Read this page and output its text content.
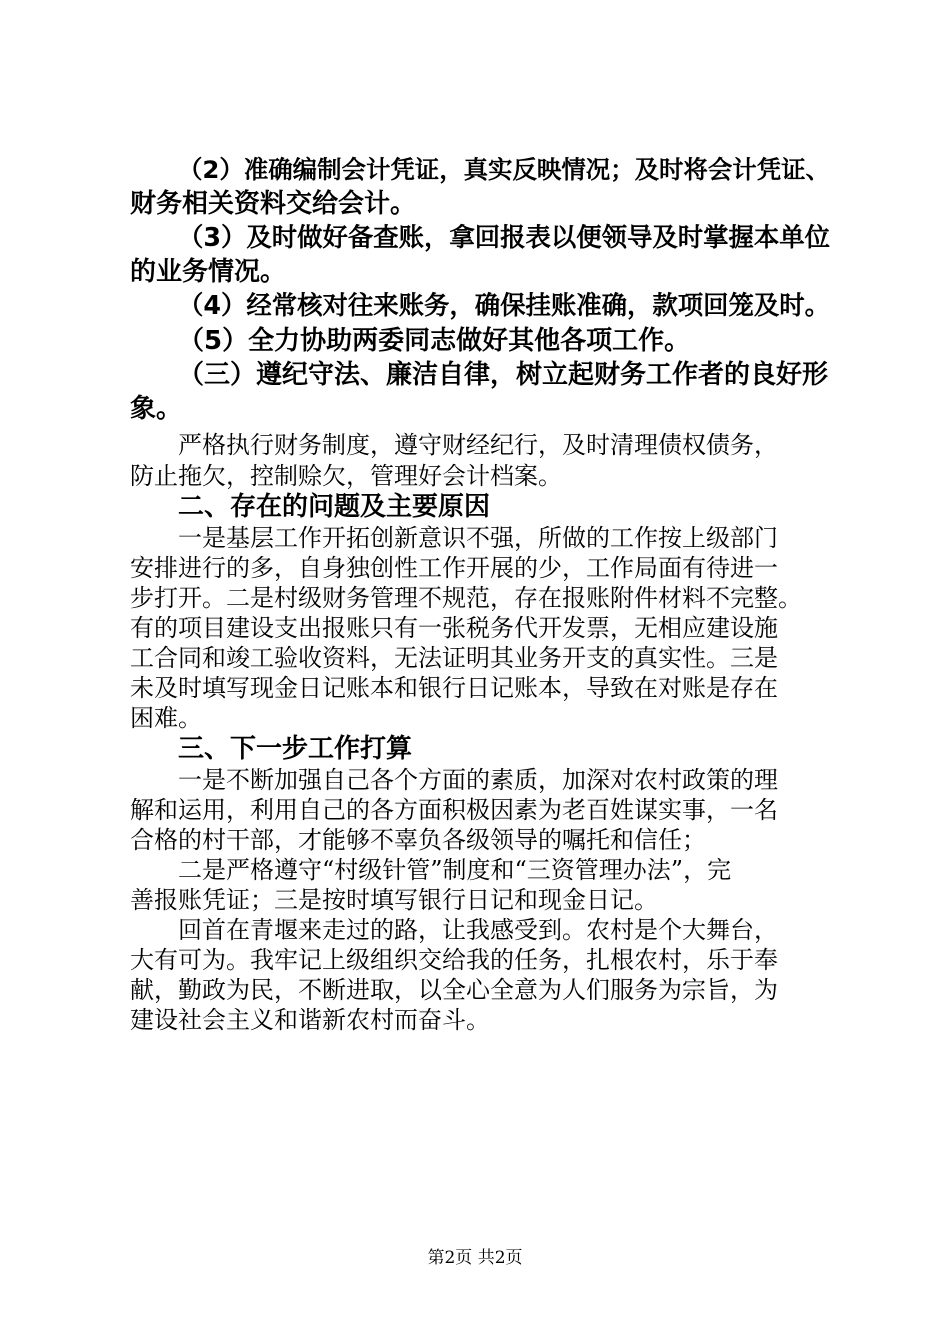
（2）准确编制会计凭证，真实反映情况；及时将会计凭证、
财务相关资料交给会计。
（3）及时做好备查账，拿回报表以便领导及时掌握本单位
的业务情况。
（4）经常核对往来账务，确保挂账准确，款项回笼及时。
（5）全力协助两委同志做好其他各项工作。
（三）遵纪守法、廉洁自律，树立起财务工作者的良好形
象。
严格执行财务制度，遵守财经纪行，及时清理债权债务，
防止拖欠，控制赊欠，管理好会计档案。
二、存在的问题及主要原因
一是基层工作开拓创新意识不强，所做的工作按上级部门
安排进行的多，自身独创性工作开展的少，工作局面有待进一
步打开。二是村级财务管理不规范，存在报账附件材料不完整。
有的项目建设支出报账只有一张税务代开发票，无相应建设施
工合同和竣工验收资料，无法证明其业务开支的真实性。三是
未及时填写现金日记账本和银行日记账本，导致在对账是存在
困难。
三、下一步工作打算
一是不断加强自己各个方面的素质，加深对农村政策的理
解和运用，利用自己的各方面积极因素为老百姓谋实事，一名
合格的村干部，才能够不辜负各级领导的嘱托和信任；
二是严格遵守“村级针管”制度和“三资管理办法”，完
善报账凭证；三是按时填写银行日记和现金日记。
回首在青堰来走过的路，让我感受到。农村是个大舞台，
大有可为。我牢记上级组织交给我的任务，扎根农村，乐于奉
献，勤政为民，不断进取，以全心全意为人们服务为宗旨，为
建设社会主义和谐新农村而奋斗。
第2页 共2页
